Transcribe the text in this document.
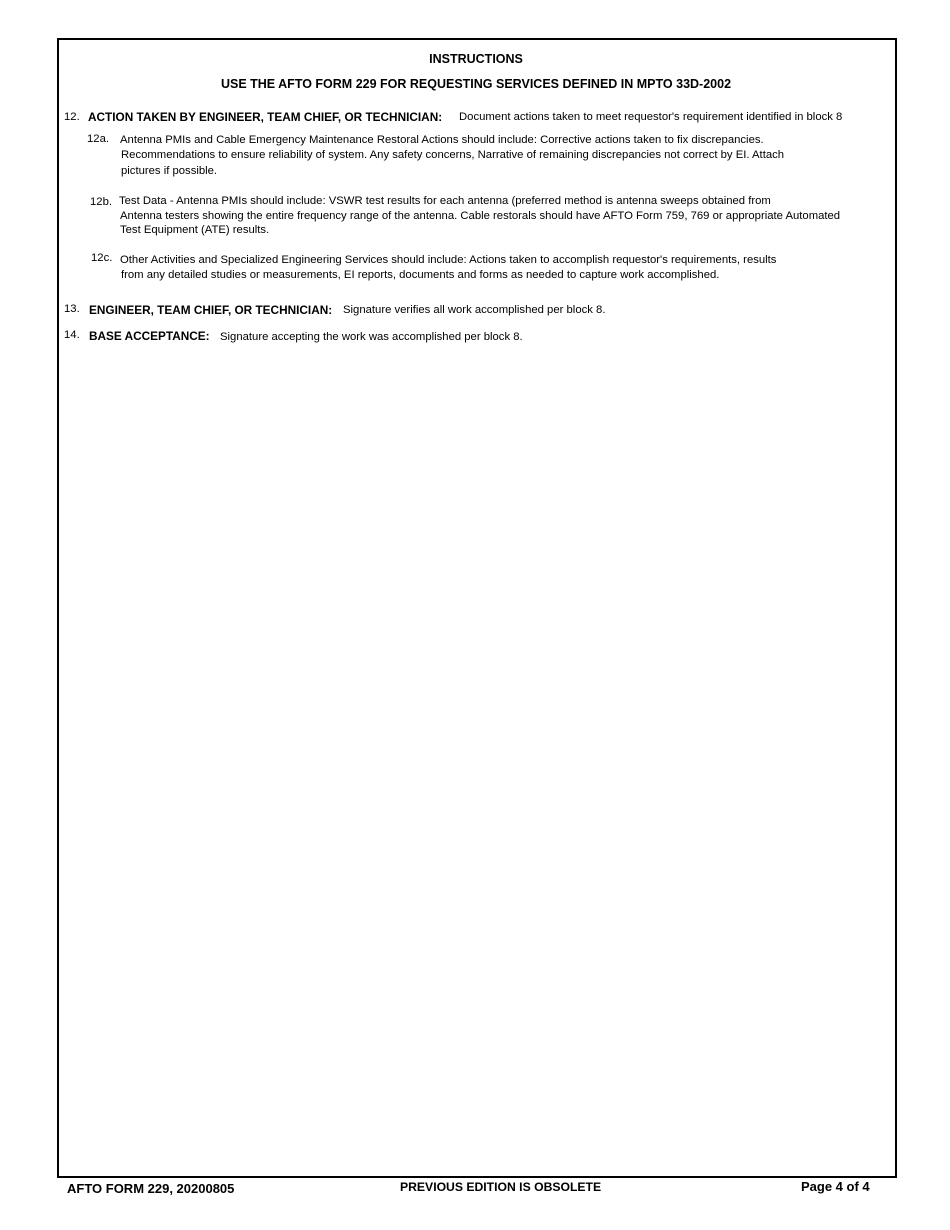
INSTRUCTIONS
USE THE AFTO FORM 229 FOR REQUESTING SERVICES DEFINED IN MPTO 33D-2002
12. ACTION TAKEN BY ENGINEER, TEAM CHIEF, OR TECHNICIAN: Document actions taken to meet requestor's requirement identified in block 8
12a. Antenna PMIs and Cable Emergency Maintenance Restoral Actions should include: Corrective actions taken to fix discrepancies.
Recommendations to ensure reliability of system. Any safety concerns, Narrative of remaining discrepancies not correct by EI. Attach
pictures if possible.
12b. Test Data - Antenna PMIs should include: VSWR test results for each antenna (preferred method is antenna sweeps obtained from
Antenna testers showing the entire frequency range of the antenna. Cable restorals should have AFTO Form 759, 769 or appropriate Automated
Test Equipment (ATE) results.
12c. Other Activities and Specialized Engineering Services should include: Actions taken to accomplish requestor's requirements, results
from any detailed studies or measurements, EI reports, documents and forms as needed to capture work accomplished.
13. ENGINEER, TEAM CHIEF, OR TECHNICIAN: Signature verifies all work accomplished per block 8.
14. BASE ACCEPTANCE: Signature accepting the work was accomplished per block 8.
AFTO FORM 229, 20200805	PREVIOUS EDITION IS OBSOLETE	Page 4 of 4
